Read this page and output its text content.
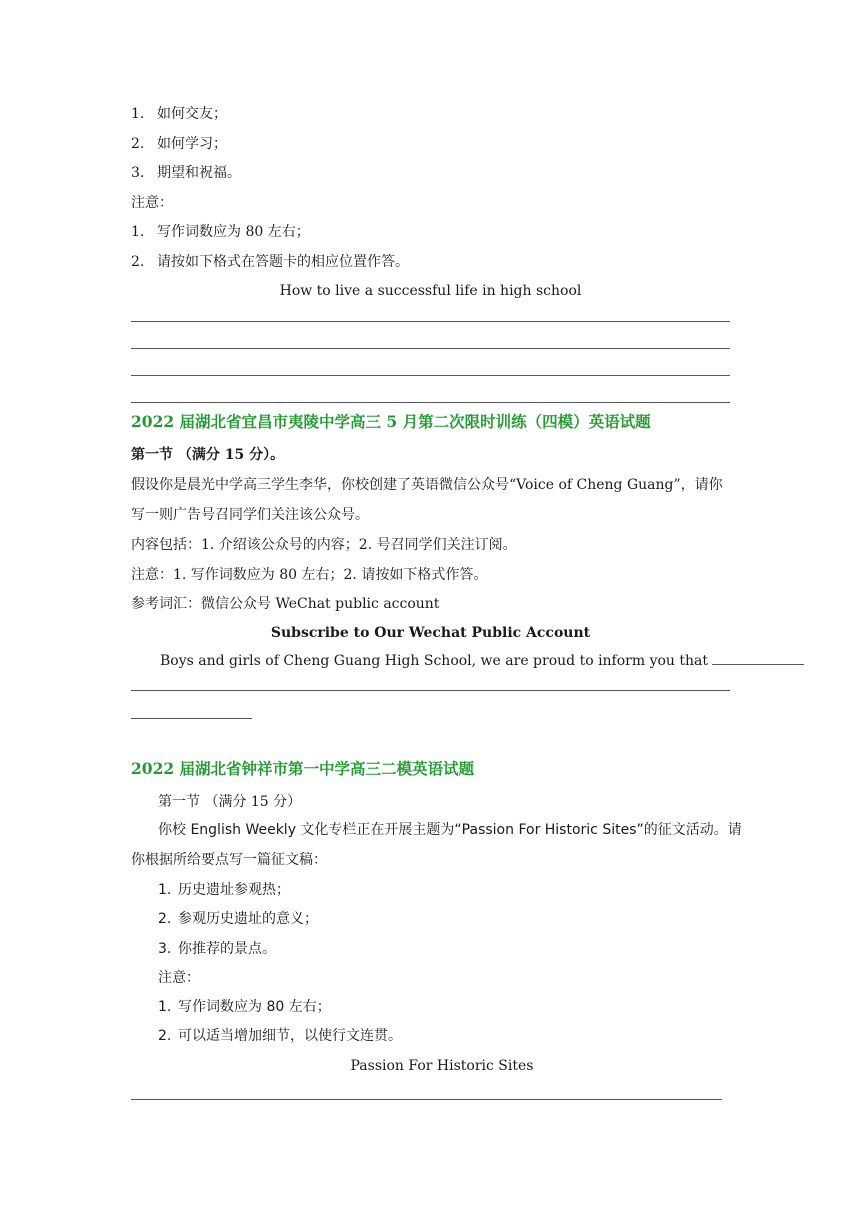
1. 如何交友；
2. 如何学习；
3. 期望和祝福。
注意：
1. 写作词数应为 80 左右；
2. 请按如下格式在答题卡的相应位置作答。
How to live a successful life in high school
2022 届湖北省宜昌市夷陵中学高三 5 月第二次限时训练（四模）英语试题
第一节 （满分 15 分）。
假设你是晨光中学高三学生李华，你校创建了英语微信公众号“Voice of Cheng Guang”，请你
写一则广告号召同学们关注该公众号。
内容包括：1. 介绍该公众号的内容；2. 号召同学们关注订阅。
注意：1. 写作词数应为 80 左右；2. 请按如下格式作答。
参考词汇：微信公众号 WeChat public account
Subscribe to Our Wechat Public Account
Boys and girls of Cheng Guang High School, we are proud to inform you that
2022 届湖北省钟祥市第一中学高三二模英语试题
第一节 （满分 15 分）
你校 English Weekly 文化专栏正在开展主题为“Passion For Historic Sites”的征文活动。请
你根据所给要点写一篇征文稿：
1. 历史遗址参观热；
2. 参观历史遗址的意义；
3. 你推荐的景点。
注意：
1. 写作词数应为 80 左右；
2. 可以适当增加细节，以使行文连贯。
Passion For Historic Sites
